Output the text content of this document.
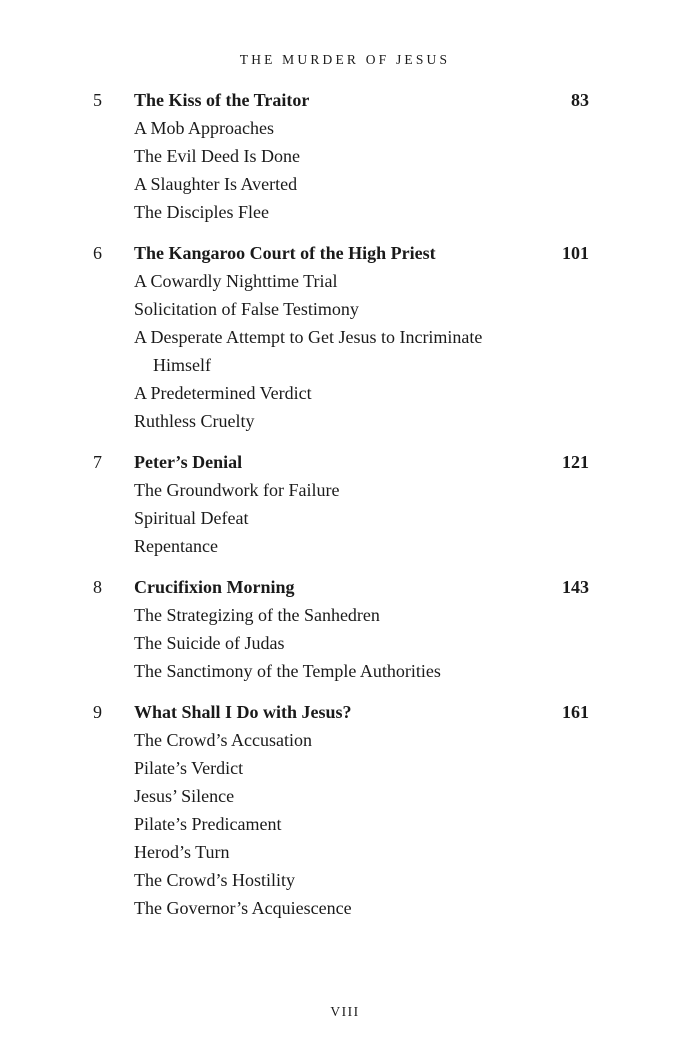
THE MURDER OF JESUS
5 The Kiss of the Traitor	83
A Mob Approaches
The Evil Deed Is Done
A Slaughter Is Averted
The Disciples Flee
6 The Kangaroo Court of the High Priest	101
A Cowardly Nighttime Trial
Solicitation of False Testimony
A Desperate Attempt to Get Jesus to Incriminate Himself
A Predetermined Verdict
Ruthless Cruelty
7 Peter’s Denial	121
The Groundwork for Failure
Spiritual Defeat
Repentance
8 Crucifixion Morning	143
The Strategizing of the Sanhedren
The Suicide of Judas
The Sanctimony of the Temple Authorities
9 What Shall I Do with Jesus?	161
The Crowd’s Accusation
Pilate’s Verdict
Jesus’ Silence
Pilate’s Predicament
Herod’s Turn
The Crowd’s Hostility
The Governor’s Acquiescence
VIII
